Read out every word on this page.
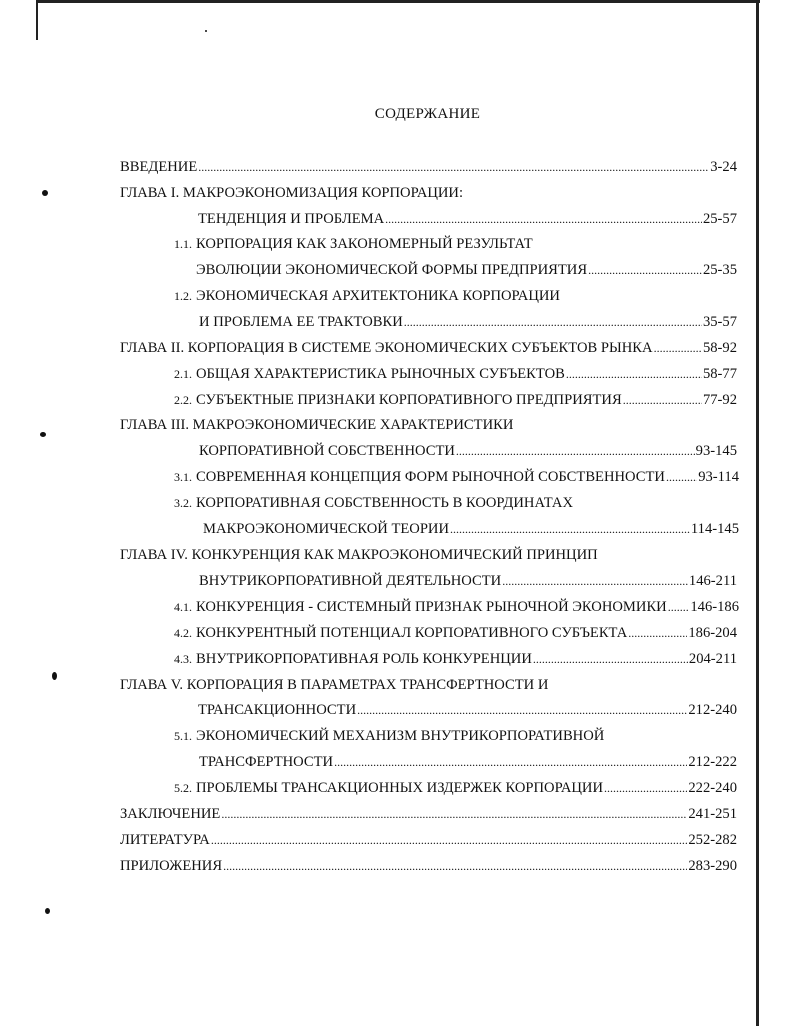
СОДЕРЖАНИЕ
ВВЕДЕНИЕ .....	3-24
ГЛАВА I. МАКРОЭКОНОМИЗАЦИЯ КОРПОРАЦИИ:
ТЕНДЕНЦИЯ И ПРОБЛЕМА .....	25-57
1.1. КОРПОРАЦИЯ КАК ЗАКОНОМЕРНЫЙ РЕЗУЛЬТАТ
ЭВОЛЮЦИИ ЭКОНОМИЧЕСКОЙ ФОРМЫ ПРЕДПРИЯТИЯ .....	25-35
1.2. ЭКОНОМИЧЕСКАЯ АРХИТЕКТОНИКА КОРПОРАЦИИ
И ПРОБЛЕМА ЕЕ ТРАКТОВКИ .....	35-57
ГЛАВА II. КОРПОРАЦИЯ В СИСТЕМЕ ЭКОНОМИЧЕСКИХ СУБЪЕКТОВ РЫНКА .....	58-92
2.1. ОБЩАЯ ХАРАКТЕРИСТИКА РЫНОЧНЫХ СУБЪЕКТОВ .....	58-77
2.2. СУБЪЕКТНЫЕ ПРИЗНАКИ КОРПОРАТИВНОГО ПРЕДПРИЯТИЯ .....	77-92
ГЛАВА III. МАКРОЭКОНОМИЧЕСКИЕ ХАРАКТЕРИСТИКИ
КОРПОРАТИВНОЙ СОБСТВЕННОСТИ .....	93-145
3.1. СОВРЕМЕННАЯ КОНЦЕПЦИЯ ФОРМ РЫНОЧНОЙ СОБСТВЕННОСТИ ..... 93-114
3.2. КОРПОРАТИВНАЯ СОБСТВЕННОСТЬ В КООРДИНАТАХ
МАКРОЭКОНОМИЧЕСКОЙ ТЕОРИИ .....	114-145
ГЛАВА IV. КОНКУРЕНЦИЯ КАК МАКРОЭКОНОМИЧЕСКИЙ ПРИНЦИП
ВНУТРИКОРПОРАТИВНОЙ ДЕЯТЕЛЬНОСТИ .....	146-211
4.1. КОНКУРЕНЦИЯ - СИСТЕМНЫЙ ПРИЗНАК РЫНОЧНОЙ ЭКОНОМИКИ ..... 146-186
4.2. КОНКУРЕНТНЫЙ ПОТЕНЦИАЛ КОРПОРАТИВНОГО СУБЪЕКТА .....	186-204
4.3. ВНУТРИКОРПОРАТИВНАЯ РОЛЬ КОНКУРЕНЦИИ .....	204-211
ГЛАВА V. КОРПОРАЦИЯ В ПАРАМЕТРАХ ТРАНСФЕРТНОСТИ И
ТРАНСАКЦИОННОСТИ .....	212-240
5.1. ЭКОНОМИЧЕСКИЙ МЕХАНИЗМ ВНУТРИКОРПОРАТИВНОЙ
ТРАНСФЕРТНОСТИ .....	212-222
5.2. ПРОБЛЕМЫ ТРАНСАКЦИОННЫХ ИЗДЕРЖЕК КОРПОРАЦИИ .....	222-240
ЗАКЛЮЧЕНИЕ .....	241-251
ЛИТЕРАТУРА .....	252-282
ПРИЛОЖЕНИЯ .....	283-290
